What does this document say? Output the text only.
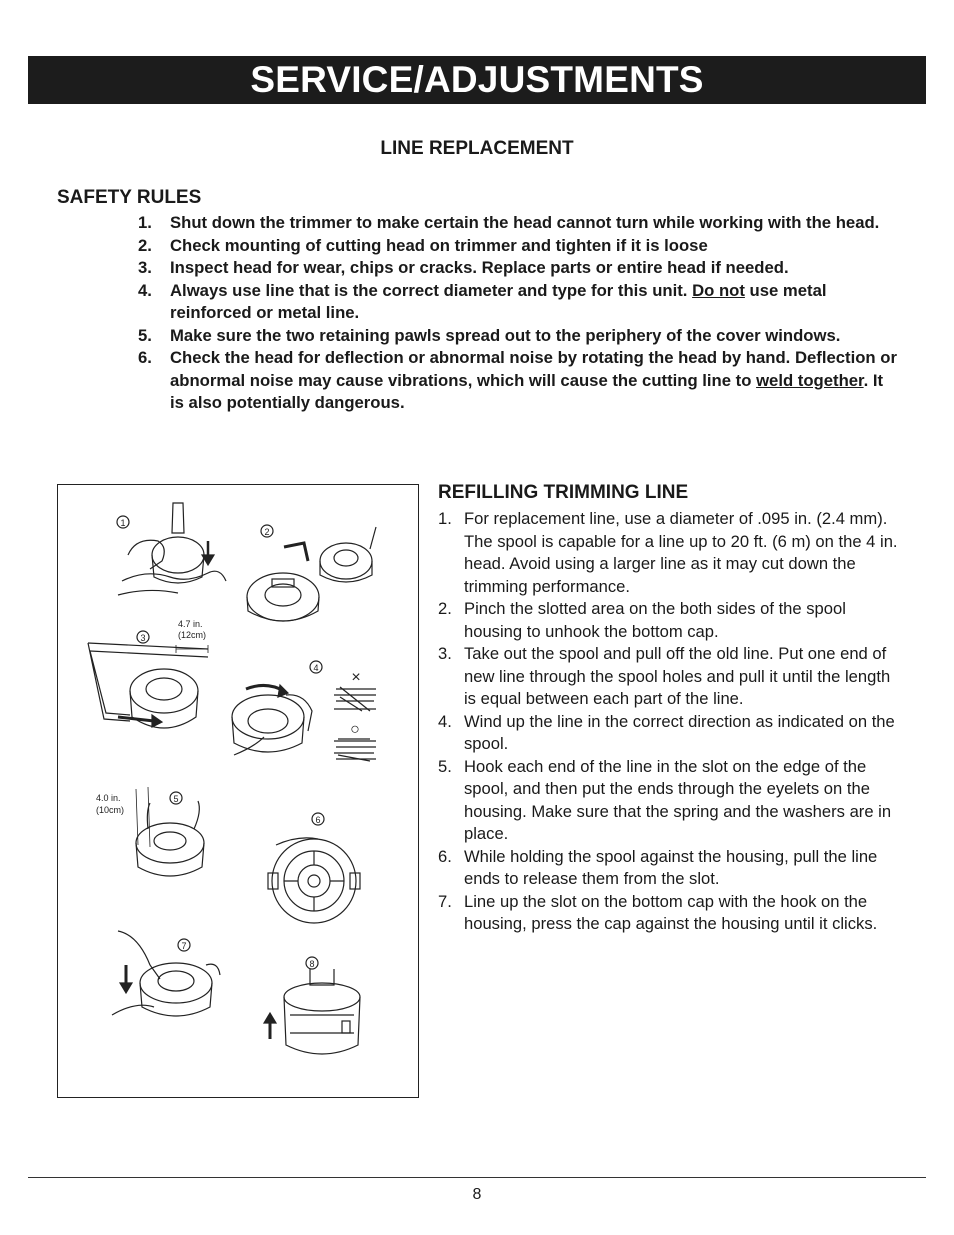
SERVICE/ADJUSTMENTS
LINE REPLACEMENT
SAFETY RULES
1. Shut down the trimmer to make certain the head cannot turn while working with the head.
2. Check mounting of cutting head on trimmer and tighten if it is loose
3. Inspect head for wear, chips or cracks. Replace parts or entire head if needed.
4. Always use line that is the correct diameter and type for this unit. Do not use metal reinforced or metal line.
5. Make sure the two retaining pawls spread out to the periphery of the cover windows.
6. Check the head for deflection or abnormal noise by rotating the head by hand. Deflection or abnormal noise may cause vibrations, which will cause the cutting line to weld together. It is also potentially dangerous.
1
2
3
4.7 in.
(12cm)
4
×
○
5
4.0 in.
(10cm)
6
7
8
REFILLING TRIMMING LINE
1. For replacement line, use a diameter of .095 in. (2.4 mm). The spool is capable for a line up to 20 ft. (6 m) on the 4 in. head. Avoid using a larger line as it may cut down the trimming performance.
2. Pinch the slotted area on the both sides of the spool housing to unhook the bottom cap.
3. Take out the spool and pull off the old line. Put one end of new line through the spool holes and pull it until the length is equal between each part of the line.
4. Wind up the line in the correct direction as indicated on the spool.
5. Hook each end of the line in the slot on the edge of the spool, and then put the ends through the eyelets on the housing. Make sure that the spring and the washers are in place.
6. While holding the spool against the housing, pull the line ends to release them from the slot.
7. Line up the slot on the bottom cap with the hook on the housing, press the cap against the housing until it clicks.
8
